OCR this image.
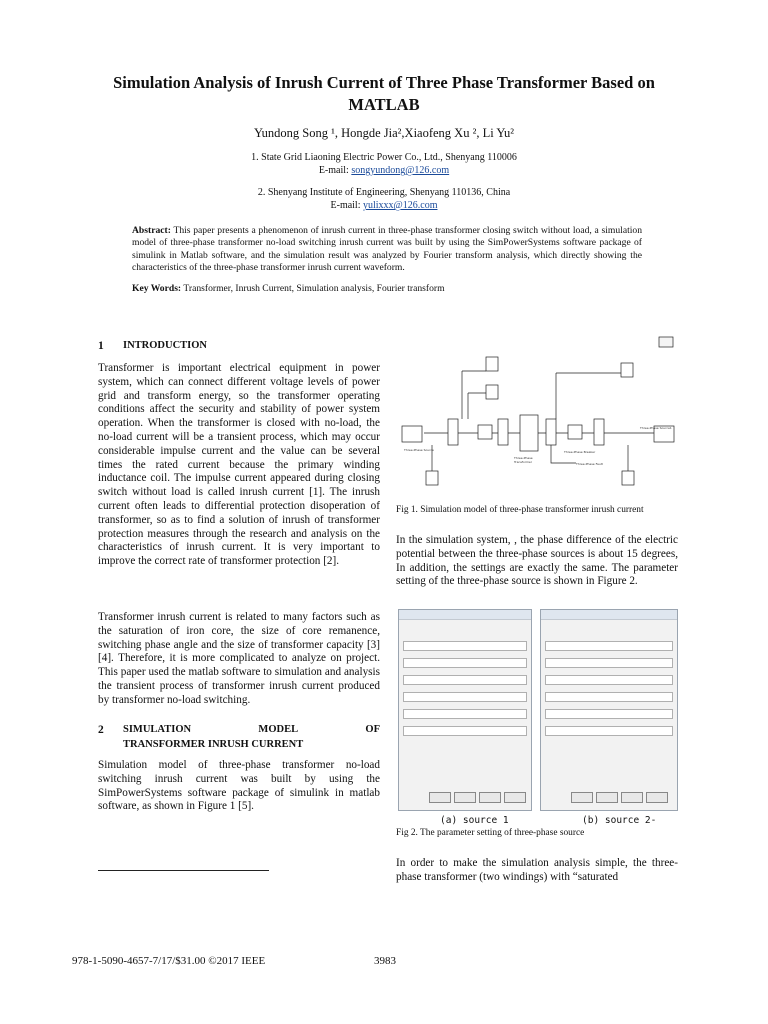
Simulation Analysis of Inrush Current of Three Phase Transformer Based on
MATLAB
Yundong Song ¹, Hongde Jia²,Xiaofeng Xu ², Li Yu²
1. State Grid Liaoning Electric Power Co., Ltd., Shenyang 110006
E-mail: songyundong@126.com
2. Shenyang Institute of Engineering, Shenyang 110136, China
E-mail: yulixxx@126.com
Abstract: This paper presents a phenomenon of inrush current in three-phase transformer closing switch without load, a simulation model of three-phase transformer no-load switching inrush current was built by using the SimPowerSystems software package of simulink in Matlab software, and the simulation result was analyzed by Fourier transform analysis, which directly showing the characteristics of the three-phase transformer inrush current waveform.
Key Words: Transformer, Inrush Current, Simulation analysis, Fourier transform
1 INTRODUCTION
Transformer is important electrical equipment in power system, which can connect different voltage levels of power grid and transform energy, so the transformer operating conditions affect the security and stability of power system operation. When the transformer is closed with no-load, the no-load current will be a transient process, which may occur considerable impulse current and the value can be several times the rated current because the primary winding inductance coil. The impulse current appeared during closing switch without load is called inrush current [1]. The inrush current often leads to differential protection disoperation of transformer, so as to find a solution of inrush of transformer protection measures through the research and analysis on the characteristics of inrush current. It is very important to improve the correct rate of transformer protection [2].
Transformer inrush current is related to many factors such as the saturation of iron core, the size of core remanence, switching phase angle and the size of transformer capacity [3] [4]. Therefore, it is more complicated to analyze on project. This paper used the matlab software to simulation and analysis the transient process of transformer inrush current produced by transformer no-load switching.
2 SIMULATION	MODEL	OF
TRANSFORMER INRUSH CURRENT
Simulation model of three-phase transformer no-load switching inrush current was built by using the SimPowerSystems software package of simulink in matlab software, as shown in Figure 1 [5].
Three-Phase Source
Three-Phase
Transformer
Three-Phase Breaker
Three-Phase Source1
Three-Phase Fault
Fig 1. Simulation model of three-phase transformer inrush current
In the simulation system, , the phase difference of the electric potential between the three-phase sources is about 15 degrees, In addition, the settings are exactly the same. The parameter setting of the three-phase source is shown in Figure 2.
(a) source 1	(b) source 2-
Fig 2. The parameter setting of three-phase source
In order to make the simulation analysis simple, the three-phase transformer (two windings) with “saturated
978-1-5090-4657-7/17/$31.00 ©2017 IEEE	3983
